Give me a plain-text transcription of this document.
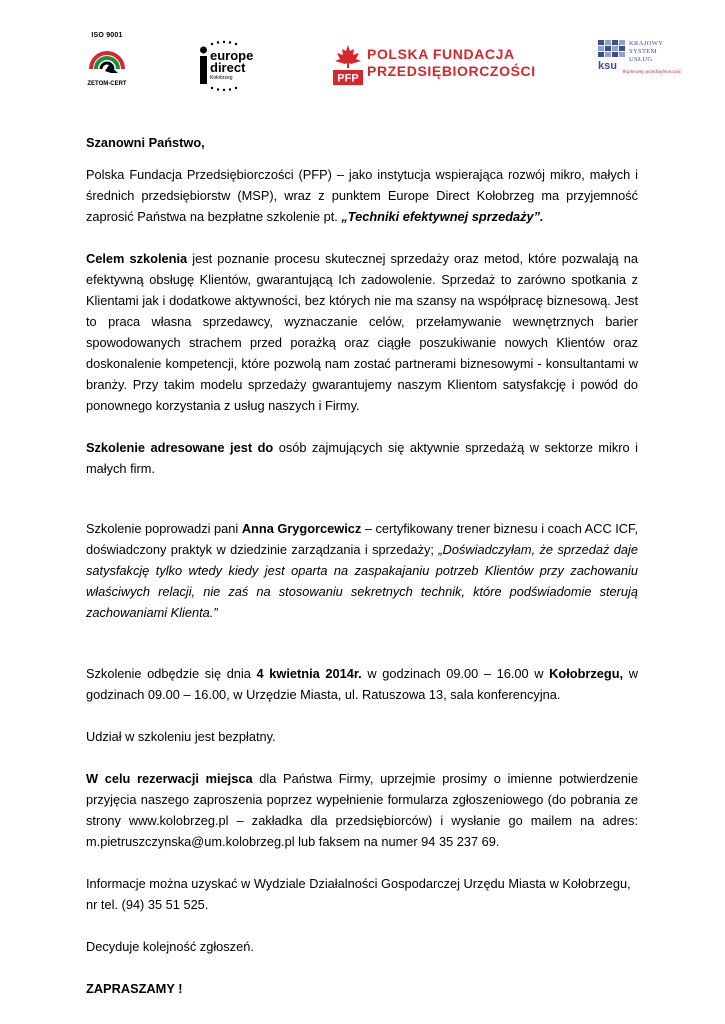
ISO 9001
ZETOM-CERT
europe
direct
Kołobrzeg	PFP
POLSKA FUNDACJA
PRZEDSIĘBIORCZOŚCI	ksu
KRAJOWY
SYSTEM
USŁUG
Wspieramy przedsiębiorczość

Szanowni Państwo,

Polska Fundacja Przedsiębiorczości (PFP) – jako instytucja wspierająca rozwój mikro, małych i średnich przedsiębiorstw (MSP), wraz z punktem Europe Direct Kołobrzeg ma przyjemność zaprosić Państwa na bezpłatne szkolenie pt. „Techniki efektywnej sprzedaży”.

Celem szkolenia jest poznanie procesu skutecznej sprzedaży oraz metod, które pozwalają na efektywną obsługę Klientów, gwarantującą Ich zadowolenie. Sprzedaż to zarówno spotkania z Klientami jak i dodatkowe aktywności, bez których nie ma szansy na współpracę biznesową. Jest to praca własna sprzedawcy, wyznaczanie celów, przełamywanie wewnętrznych barier spowodowanych strachem przed porażką oraz ciągłe poszukiwanie nowych Klientów oraz doskonalenie kompetencji, które pozwolą nam zostać partnerami biznesowymi - konsultantami w branży. Przy takim modelu sprzedaży gwarantujemy naszym Klientom satysfakcję i powód do ponownego korzystania z usług naszych i Firmy.

Szkolenie adresowane jest do osób zajmujących się aktywnie sprzedażą w sektorze mikro i małych firm.

Szkolenie poprowadzi pani Anna Grygorcewicz – certyfikowany trener biznesu i coach ACC ICF, doświadczony praktyk w dziedzinie zarządzania i sprzedaży; „Doświadczyłam, że sprzedaż daje satysfakcję tylko wtedy kiedy jest oparta na zaspakajaniu potrzeb Klientów przy zachowaniu właściwych relacji, nie zaś na stosowaniu sekretnych technik, które podświadomie sterują zachowaniami Klienta.”

Szkolenie odbędzie się dnia 4 kwietnia 2014r. w godzinach 09.00 – 16.00 w Kołobrzegu, w godzinach 09.00 – 16.00, w Urzędzie Miasta, ul. Ratuszowa 13, sala konferencyjna.

Udział w szkoleniu jest bezpłatny.

W celu rezerwacji miejsca dla Państwa Firmy, uprzejmie prosimy o imienne potwierdzenie przyjęcia naszego zaproszenia poprzez wypełnienie formularza zgłoszeniowego (do pobrania ze strony www.kolobrzeg.pl – zakładka dla przedsiębiorców) i wysłanie go mailem na adres: m.pietruszczynska@um.kolobrzeg.pl lub faksem na numer 94 35 237 69.

Informacje można uzyskać w Wydziale Działalności Gospodarczej Urzędu Miasta w Kołobrzegu,
nr tel. (94) 35 51 525.

Decyduje kolejność zgłoszeń.

ZAPRASZAMY !
